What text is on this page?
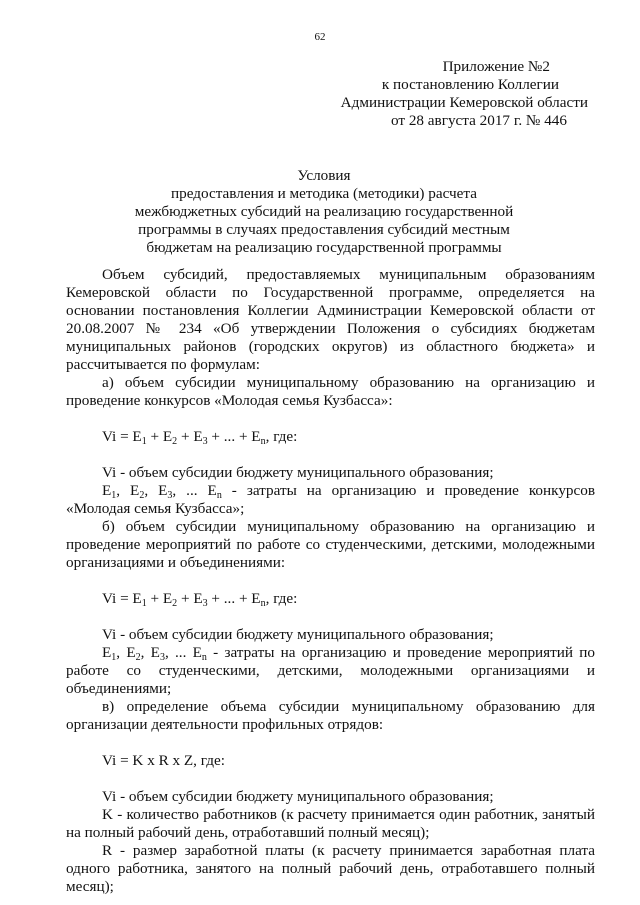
62
Приложение №2
к постановлению Коллегии
Администрации Кемеровской области
от 28 августа 2017 г. № 446
Условия
предоставления и методика (методики) расчета
межбюджетных субсидий на реализацию государственной
программы в случаях предоставления субсидий местным
бюджетам на реализацию государственной программы

Объем субсидий, предоставляемых муниципальным образованиям Кемеровской области по Государственной программе, определяется на основании постановления Коллегии Администрации Кемеровской области от 20.08.2007 № 234 «Об утверждении Положения о субсидиях бюджетам муниципальных районов (городских округов) из областного бюджета» и рассчитывается по формулам:

а) объем субсидии муниципальному образованию на организацию и проведение конкурсов «Молодая семья Кузбасса»:

$Vi = E_1 + E_2 + E_3$ + ... + $E_n$, где:

Vi - объем субсидии бюджету муниципального образования;

$E_1$, $E_2$, $E_3$, ... $E_n$ - затраты на организацию и проведение конкурсов «Молодая семья Кузбасса»;

б) объем субсидии муниципальному образованию на организацию и проведение мероприятий по работе со студенческими, детскими, молодежными организациями и объединениями:

$Vi = E_1 + E_2 + E_3$ + ... + $E_n$, где:

Vi - объем субсидии бюджету муниципального образования;

$E_1$, $E_2$, $E_3$, ... $E_n$ - затраты на организацию и проведение мероприятий по работе со студенческими, детскими, молодежными организациями и объединениями;

в) определение объема субсидии муниципальному образованию для организации деятельности профильных отрядов:

Vi = K x R x Z, где:

Vi - объем субсидии бюджету муниципального образования;

K - количество работников (к расчету принимается один работник, занятый на полный рабочий день, отработавший полный месяц);

R - размер заработной платы (к расчету принимается заработная плата одного работника, занятого на полный рабочий день, отработавшего полный месяц);
